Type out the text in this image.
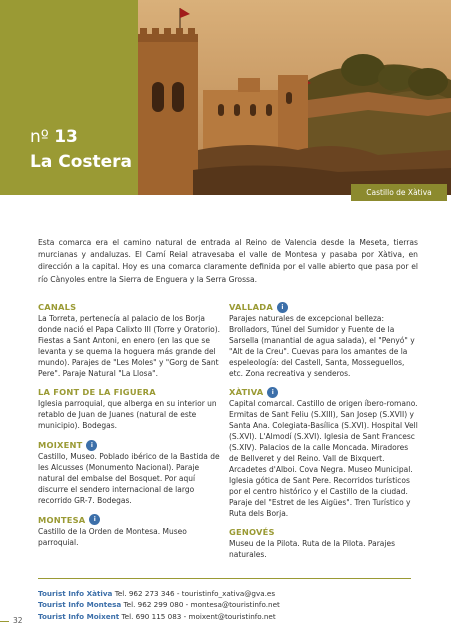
nº 13
La Costera
Castillo de Xàtiva
Esta comarca era el camino natural de entrada al Reino de Valencia desde la Meseta, tierras murcianas y andaluzas. El Camí Reial atravesaba el valle de Montesa y pasaba por Xàtiva, en dirección a la capital. Hoy es una comarca claramente definida por el valle abierto que pasa por el río Cànyoles entre la Sierra de Enguera y la Serra Grossa.
CANALS
La Torreta, pertenecía al palacio de los Borja donde nació el Papa Calixto III (Torre y Oratorio). Fiestas a Sant Antoni, en enero (en las que se levanta y se quema la hoguera más grande del mundo). Parajes de "Les Moles" y "Gorg de Sant Pere". Paraje Natural "La Llosa".
LA FONT DE LA FIGUERA
Iglesia parroquial, que alberga en su interior un retablo de Juan de Juanes (natural de este municipio). Bodegas.
MOIXENT	i
Castillo, Museo. Poblado ibérico de la Bastida de les Alcusses (Monumento Nacional). Paraje natural del embalse del Bosquet. Por aquí discurre el sendero internacional de largo recorrido GR-7. Bodegas.
MONTESA	i
Castillo de la Orden de Montesa. Museo parroquial.
VALLADA	i
Parajes naturales de excepcional belleza: Brolladors, Túnel del Sumidor y Fuente de la Sarsella (manantial de agua salada), el "Penyó" y "Alt de la Creu". Cuevas para los amantes de la espeleología: del Castell, Santa, Mosseguellos, etc. Zona recreativa y senderos.
XÀTIVA	i
Capital comarcal. Castillo de origen íbero-romano. Ermitas de Sant Feliu (S.XIII), San Josep (S.XVII) y Santa Ana. Colegiata-Basílica (S.XVI). Hospital Vell (S.XVI). L'Almodí (S.XVI). Iglesia de Sant Francesc (S.XIV). Palacios de la calle Moncada. Miradores de Bellveret y del Reino. Vall de Bixquert. Arcadetes d'Alboi. Cova Negra. Museo Municipal. Iglesia gótica de Sant Pere. Recorridos turísticos por el centro histórico y el Castillo de la ciudad. Paraje del "Estret de les Aigües". Tren Turístico y Ruta dels Borja.
GENOVÉS
Museu de la Pilota. Ruta de la Pilota. Parajes naturales.
Tourist Info Xàtiva Tel. 962 273 346 - touristinfo_xativa@gva.es
Tourist Info Montesa Tel. 962 299 080 - montesa@touristinfo.net
Tourist Info Moixent Tel. 690 115 083 - moixent@touristinfo.net
32
